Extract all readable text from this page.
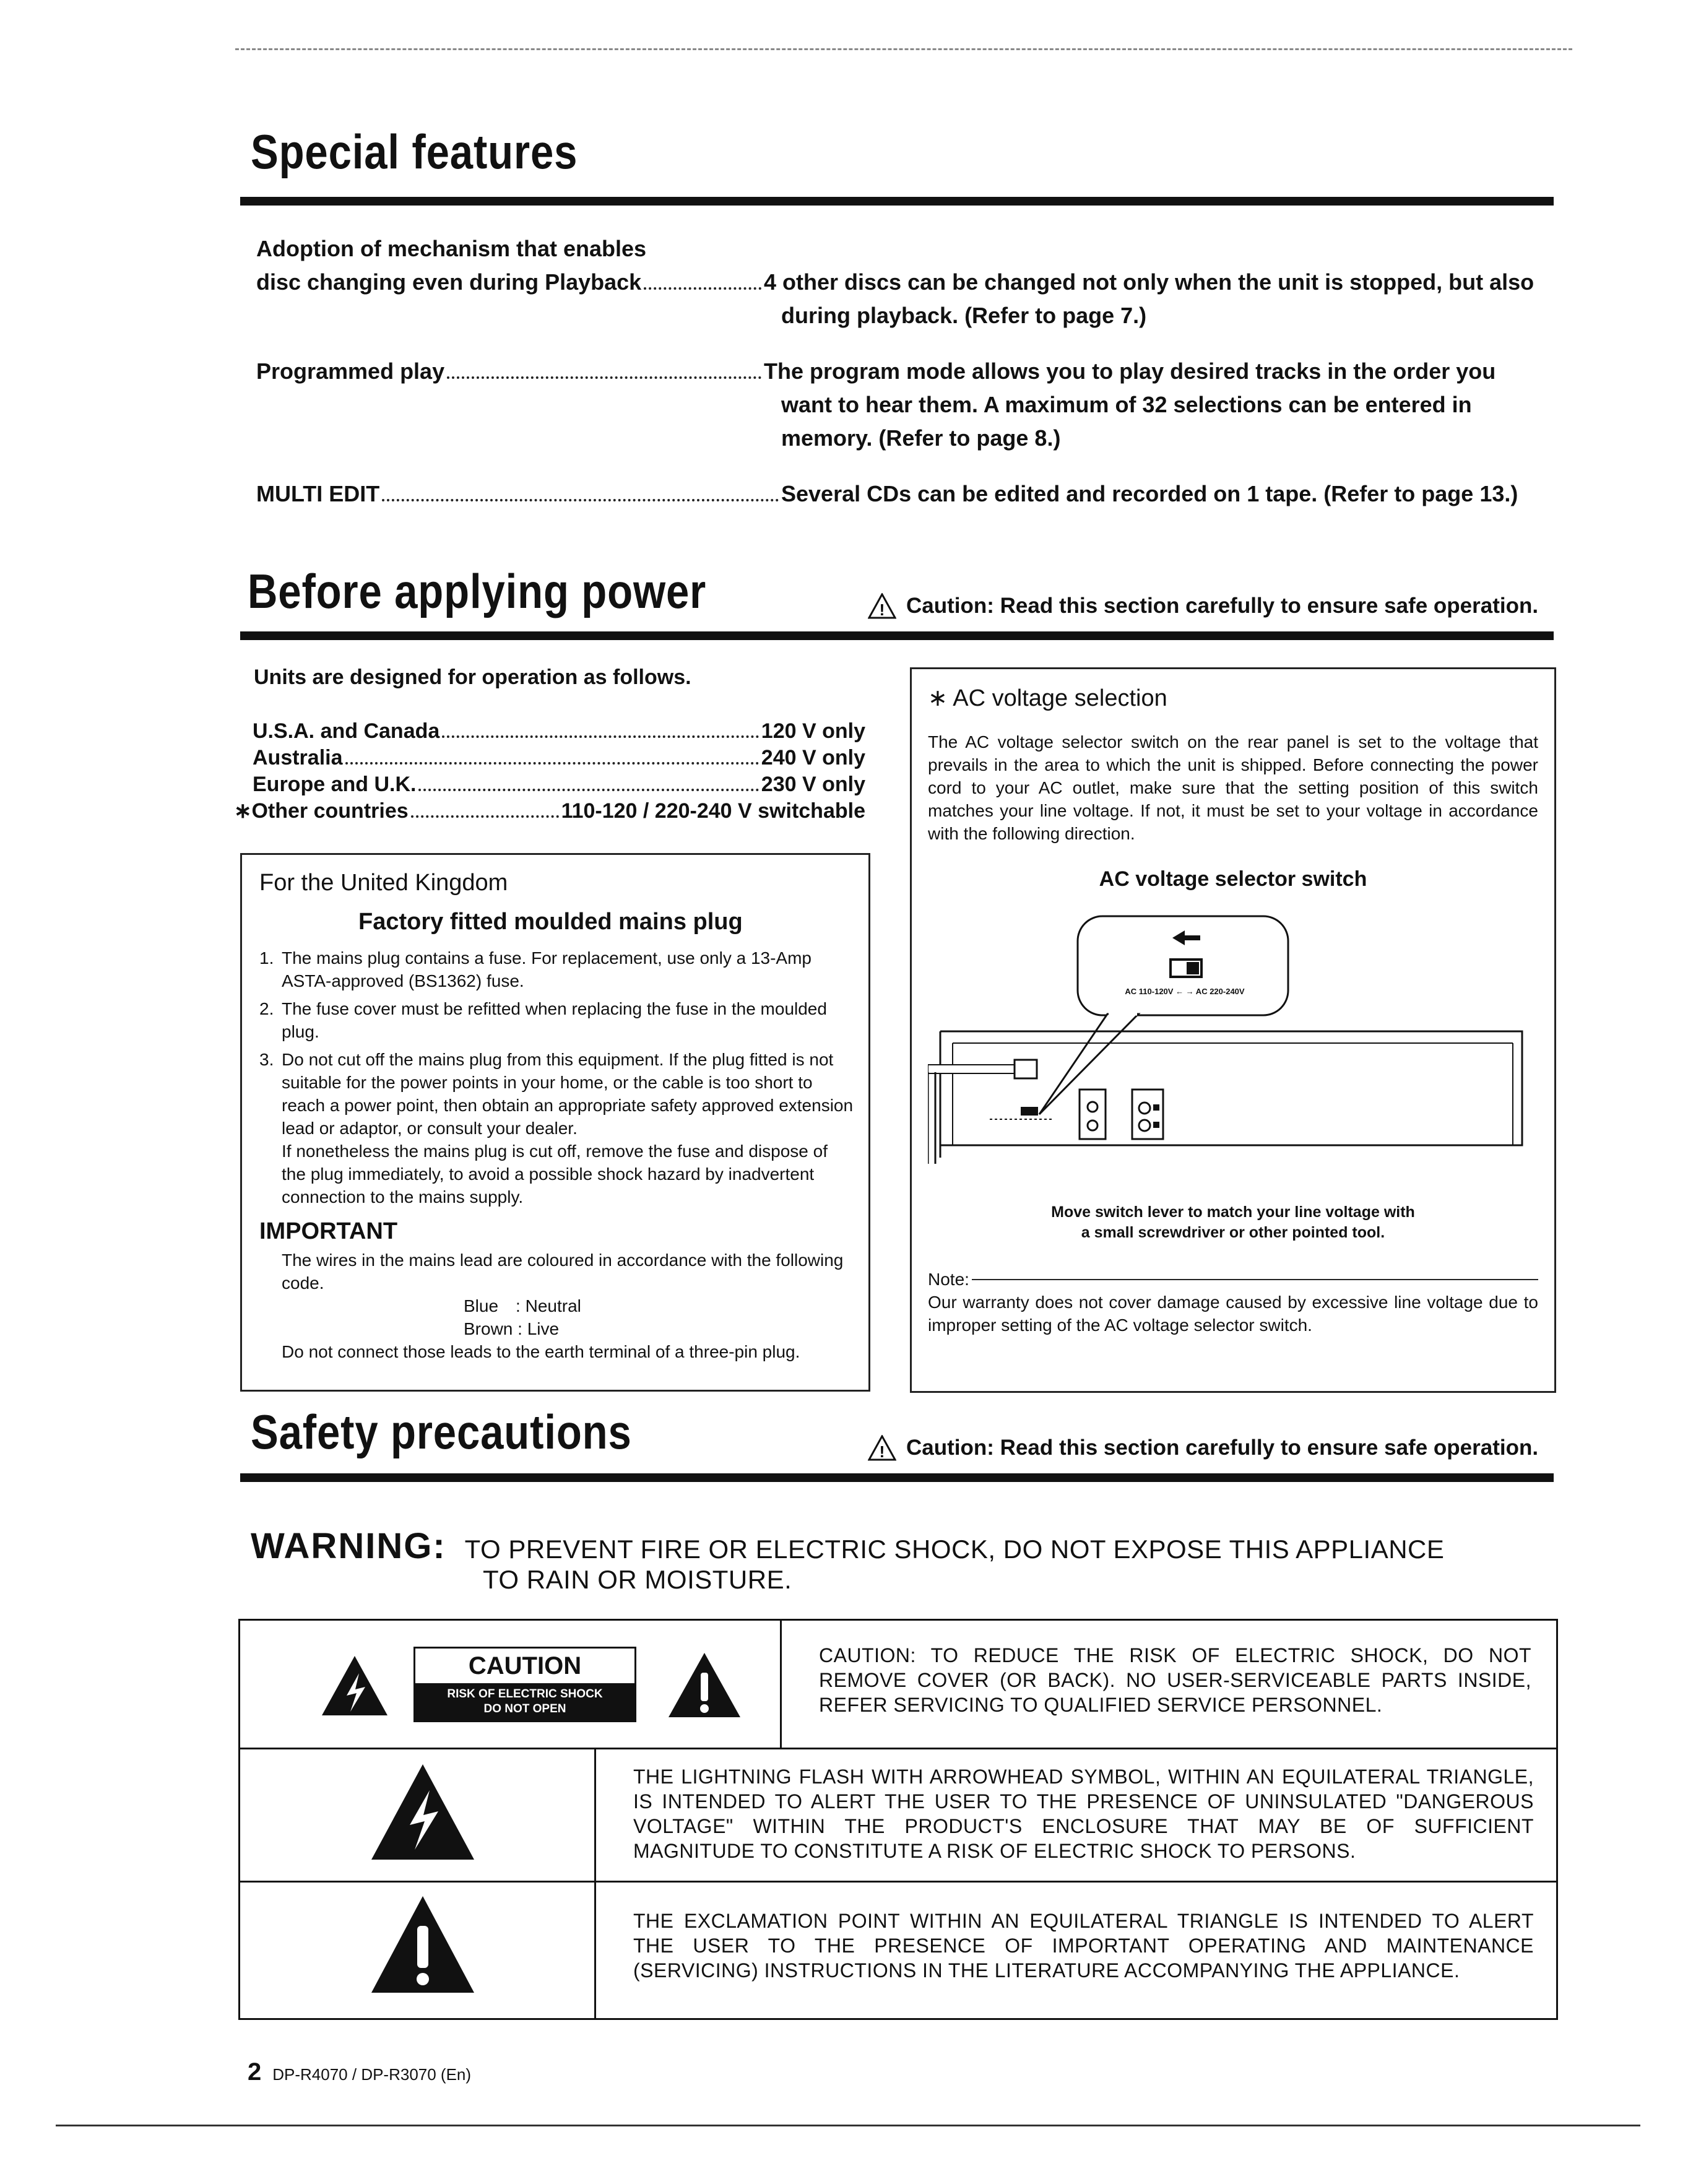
Special features
Adoption of mechanism that enables
disc changing even during Playback	4 other discs can be changed not only when the unit is stopped, but also
during playback. (Refer to page 7.)
Programmed play	The program mode allows you to play desired tracks in the order you
want to hear them. A maximum of 32 selections can be entered in
memory. (Refer to page 8.)
MULTI EDIT	Several CDs can be edited and recorded on 1 tape. (Refer to page 13.)
Before applying power	! Caution: Read this section carefully to ensure safe operation.
Units are designed for operation as follows.
U.S.A. and Canada	120 V only
Australia	240 V only
Europe and U.K.	230 V only
∗Other countries	110-120 / 220-240 V switchable
For the United Kingdom
Factory fitted moulded mains plug
1. The mains plug contains a fuse. For replacement, use only a 13-Amp ASTA-approved (BS1362) fuse.
2. The fuse cover must be refitted when replacing the fuse in the moulded plug.
3. Do not cut off the mains plug from this equipment. If the plug fitted is not suitable for the power points in your home, or the cable is too short to reach a power point, then obtain an appropriate safety approved extension lead or adaptor, or consult your dealer.
If nonetheless the mains plug is cut off, remove the fuse and dispose of the plug immediately, to avoid a possible shock hazard by inadvertent connection to the mains supply.
IMPORTANT
The wires in the mains lead are coloured in accordance with the following code.
Blue : Neutral
Brown : Live
Do not connect those leads to the earth terminal of a three-pin plug.
∗ AC voltage selection
The AC voltage selector switch on the rear panel is set to the voltage that prevails in the area to which the unit is shipped. Before connecting the power cord to your AC outlet, make sure that the setting position of this switch matches your line voltage. If not, it must be set to your voltage in accordance with the following direction.
AC voltage selector switch
AC 110-120V ← → AC 220-240V
Move switch lever to match your line voltage with
a small screwdriver or other pointed tool.
Note:
Our warranty does not cover damage caused by excessive line voltage due to improper setting of the AC voltage selector switch.
Safety precautions	! Caution: Read this section carefully to ensure safe operation.
WARNING: TO PREVENT FIRE OR ELECTRIC SHOCK, DO NOT EXPOSE THIS APPLIANCE
TO RAIN OR MOISTURE.
CAUTION
RISK OF ELECTRIC SHOCK
DO NOT OPEN
CAUTION: TO REDUCE THE RISK OF ELECTRIC SHOCK, DO NOT REMOVE COVER (OR BACK). NO USER-SERVICEABLE PARTS INSIDE, REFER SERVICING TO QUALIFIED SERVICE PERSONNEL.
THE LIGHTNING FLASH WITH ARROWHEAD SYMBOL, WITHIN AN EQUILATERAL TRIANGLE, IS INTENDED TO ALERT THE USER TO THE PRESENCE OF UNINSULATED "DANGEROUS VOLTAGE" WITHIN THE PRODUCT'S ENCLOSURE THAT MAY BE OF SUFFICIENT MAGNITUDE TO CONSTITUTE A RISK OF ELECTRIC SHOCK TO PERSONS.
THE EXCLAMATION POINT WITHIN AN EQUILATERAL TRIANGLE IS INTENDED TO ALERT THE USER TO THE PRESENCE OF IMPORTANT OPERATING AND MAINTENANCE (SERVICING) INSTRUCTIONS IN THE LITERATURE ACCOMPANYING THE APPLIANCE.
2 DP-R4070 / DP-R3070 (En)
